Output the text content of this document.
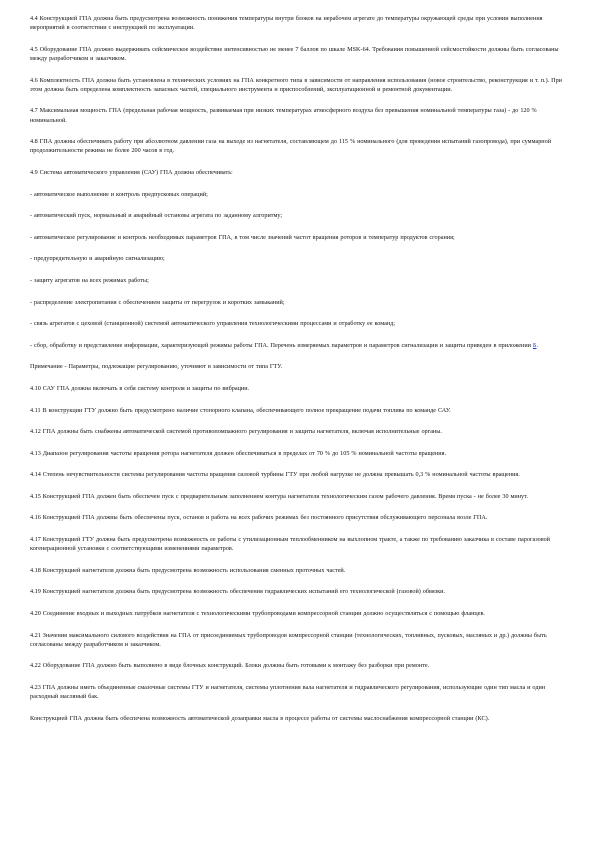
4.4 Конструкцией ГПА должна быть предусмотрена возможность понижения температуры внутри блоков на нерабочем агрегате до температуры окружающей среды при условии выполнения мероприятий в соответствии с инструкцией по эксплуатации.

4.5 Оборудование ГПА должно выдерживать сейсмическое воздействие интенсивностью не менее 7 баллов по шкале MSK-64. Требования повышенной сейсмостойкости должны быть согласованы между разработчиком и заказчиком.

4.6 Комплектность ГПА должна быть установлена в технических условиях на ГПА конкретного типа в зависимости от направления использования (новое строительство, реконструкция и т. п.). При этом должна быть определена комплектность запасных частей, специального инструмента и приспособлений, эксплуатационной и ремонтной документации.

4.7 Максимальная мощность ГПА (предельная рабочая мощность, развиваемая при низких температурах атмосферного воздуха без превышения номинальной температуры газа) - до 120 % номинальной.

4.8 ГПА должны обеспечивать работу при абсолютном давлении газа на выходе из нагнетателя, составляющем до 115 % номинального (для проведения испытаний газопровода), при суммарной продолжительности режима не более 200 часов в год.

4.9 Система автоматического управления (САУ) ГПА должна обеспечивать:

- автоматическое выполнение и контроль предпусковых операций;

- автоматический пуск, нормальный и аварийный остановы агрегата по заданному алгоритму;

- автоматическое регулирование и контроль необходимых параметров ГПА, в том числе значений частот вращения роторов и температур продуктов сгорания;

- предупредительную и аварийную сигнализацию;

- защиту агрегатов на всех режимах работы;

- распределение электропитания с обеспечением защиты от перегрузок и коротких замыканий;

- связь агрегатов с цеховой (станционной) системой автоматического управления технологическими процессами и отработку ее команд;

- сбор, обработку и представление информации, характеризующей режимы работы ГПА. Перечень измеряемых параметров и параметров сигнализации и защиты приведен в приложении Б.

Примечание - Параметры, подлежащие регулированию, уточняют в зависимости от типа ГТУ.

4.10 САУ ГПА должна включать в себя систему контроля и защиты по вибрации.

4.11 В конструкции ГТУ должно быть предусмотрено наличие стопорного клапана, обеспечивающего полное прекращение подачи топлива по команде САУ.

4.12 ГПА должны быть снабжены автоматической системой противопомпажного регулирования и защиты нагнетателя, включая исполнительные органы.

4.13 Диапазон регулирования частоты вращения ротора нагнетателя должен обеспечиваться в пределах от 70 % до 105 % номинальной частоты вращения.

4.14 Степень нечувствительности системы регулирования частоты вращения силовой турбины ГТУ при любой нагрузке не должна превышать 0,3 % номинальной частоты вращения.

4.15 Конструкцией ГПА должен быть обеспечен пуск с предварительным заполнением контура нагнетателя технологическим газом рабочего давления. Время пуска - не более 30 минут.

4.16 Конструкцией ГПА должны быть обеспечены пуск, останов и работа на всех рабочих режимах без постоянного присутствия обслуживающего персонала возле ГПА.

4.17 Конструкцией ГТУ должна быть предусмотрена возможность ее работы с утилизационным теплообменником на выхлопном тракте, а также по требованию заказчика в составе парогазовой когенерационной установки с соответствующими изменениями параметров.

4.18 Конструкцией нагнетателя должна быть предусмотрена возможность использования сменных проточных частей.

4.19 Конструкцией нагнетателя должна быть предусмотрена возможность обеспечения гидравлических испытаний его технологической (газовой) обвязки.

4.20 Соединение входных и выходных патрубков нагнетателя с технологическими трубопроводами компрессорной станции должно осуществляться с помощью фланцев.

4.21 Значения максимального силового воздействия на ГПА от присоединяемых трубопроводов компрессорной станции (технологических, топливных, пусковых, масляных и др.) должны быть согласованы между разработчиком и заказчиком.

4.22 Оборудование ГПА должно быть выполнено в виде блочных конструкций. Блоки должны быть готовыми к монтажу без разборки при ремонте.

4.23 ГПА должны иметь объединенные смазочные системы ГТУ и нагнетателя, системы уплотнения вала нагнетателя и гидравлического регулирования, использующие один тип масла и один расходный масляный бак.

Конструкцией ГПА должна быть обеспечена возможность автоматической дозаправки масла в процессе работы от системы маслоснабжения компрессорной станции (КС).
